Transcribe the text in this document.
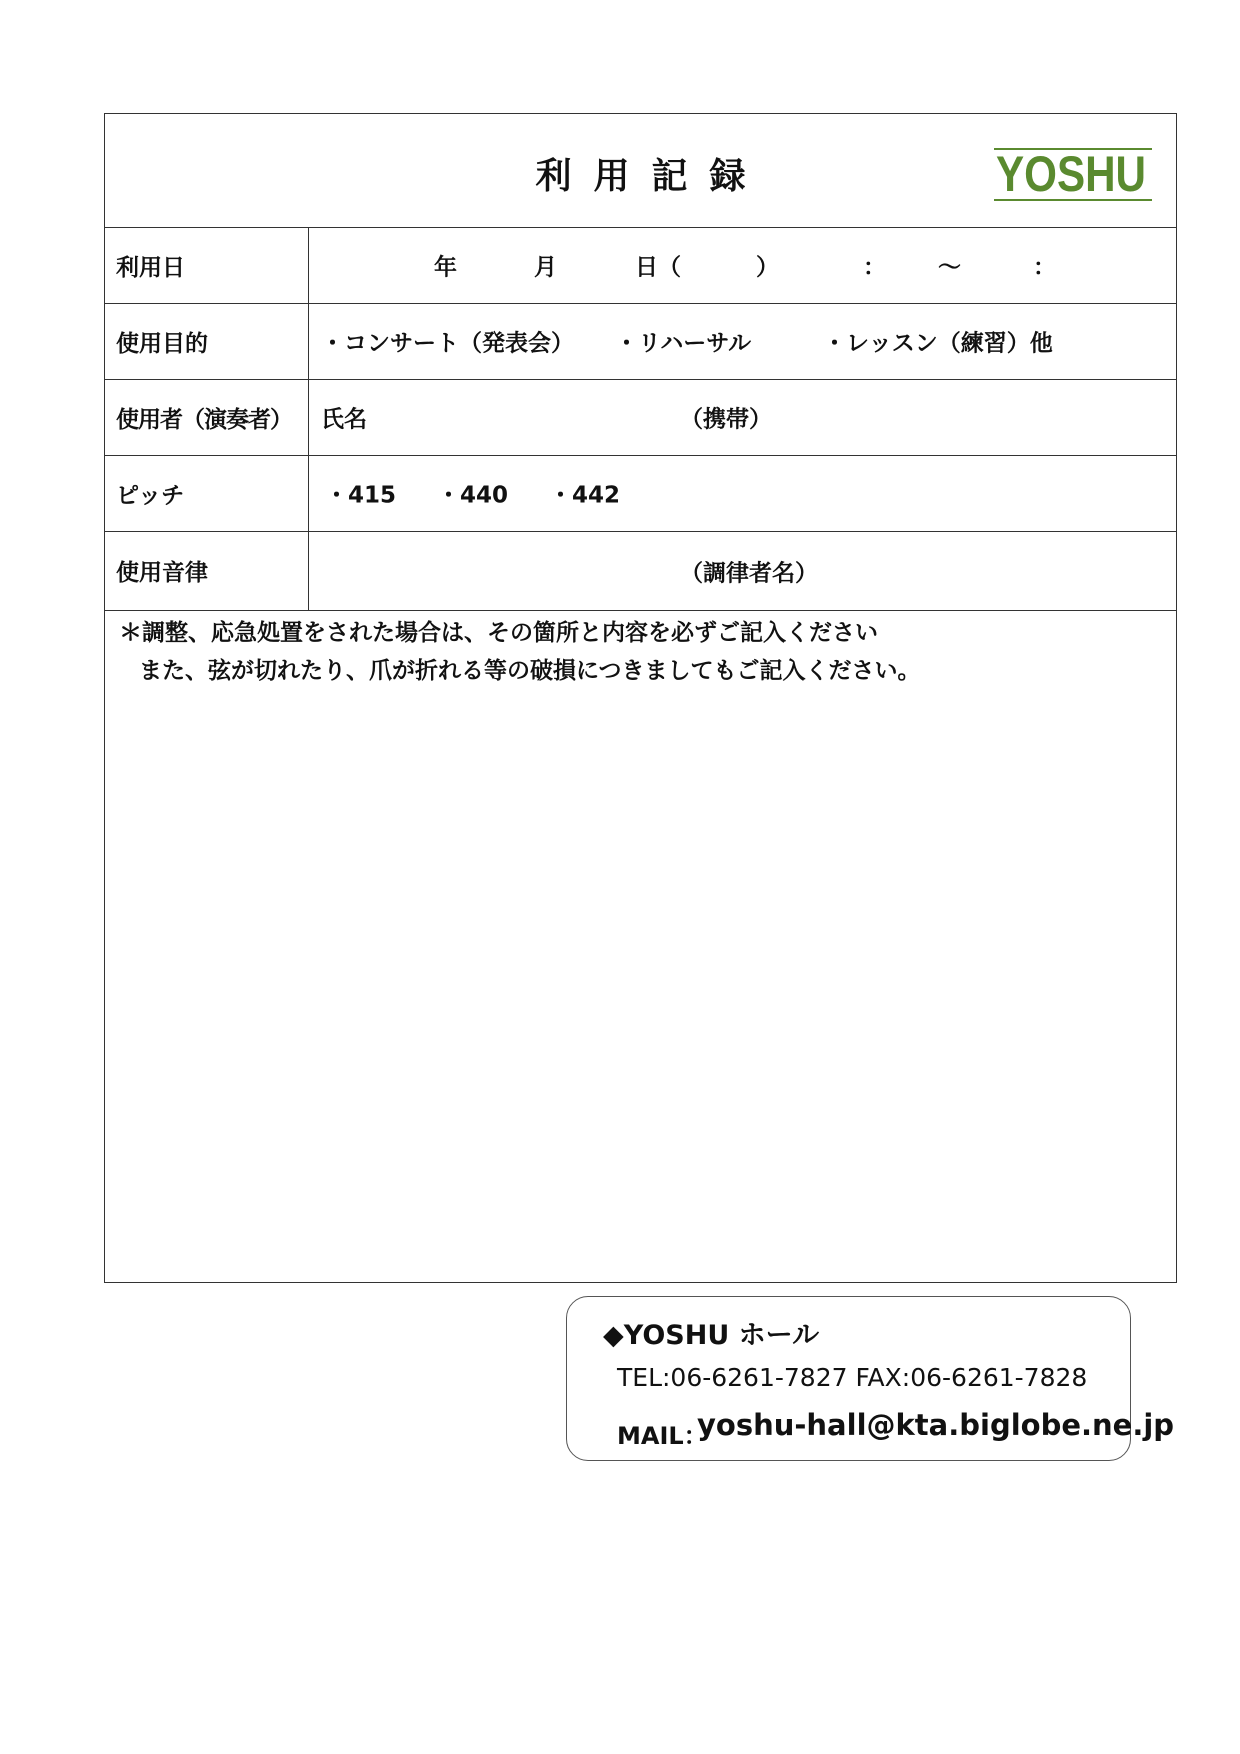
利用記録	YOSHU
利用日	年	月	日（	）	： ～	：
使用目的	・コンサート（発表会） ・リハーサル	・レッスン（練習）他
使用者（演奏者）	氏名	（携帯）
ピッチ	・415 ・440 ・442
使用音律	（調律者名）
＊調整、応急処置をされた場合は、その箇所と内容を必ずご記入ください
また、弦が切れたり、爪が折れる等の破損につきましてもご記入ください。
◆YOSHU ホール
TEL:06-6261-7827 FAX:06-6261-7828
MAIL：
yoshu-hall@kta.biglobe.ne.jp
